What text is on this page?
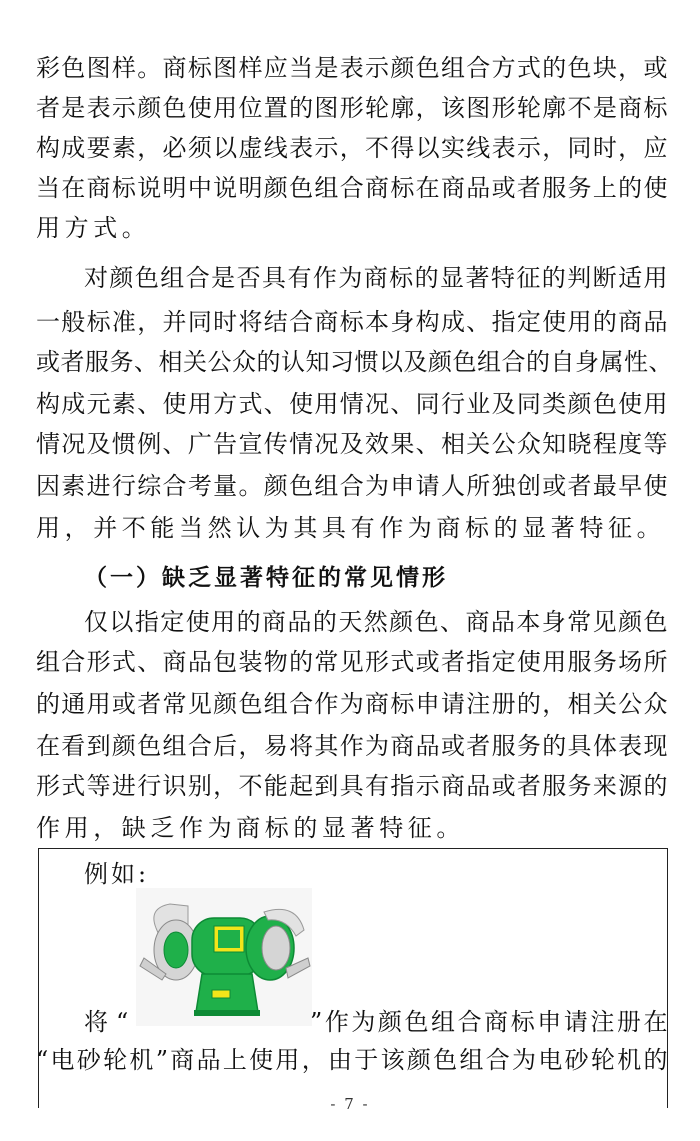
彩色图样。商标图样应当是表示颜色组合方式的色块，或
者是表示颜色使用位置的图形轮廓，该图形轮廓不是商标
构成要素，必须以虚线表示，不得以实线表示，同时，应
当在商标说明中说明颜色组合商标在商品或者服务上的使
用方式。
对颜色组合是否具有作为商标的显著特征的判断适用
一般标准，并同时将结合商标本身构成、指定使用的商品
或者服务、相关公众的认知习惯以及颜色组合的自身属性、
构成元素、使用方式、使用情况、同行业及同类颜色使用
情况及惯例、广告宣传情况及效果、相关公众知晓程度等
因素进行综合考量。颜色组合为申请人所独创或者最早使
用，并不能当然认为其具有作为商标的显著特征。
（一）缺乏显著特征的常见情形
仅以指定使用的商品的天然颜色、商品本身常见颜色
组合形式、商品包装物的常见形式或者指定使用服务场所
的通用或者常见颜色组合作为商标申请注册的，相关公众
在看到颜色组合后，易将其作为商品或者服务的具体表现
形式等进行识别，不能起到具有指示商品或者服务来源的
作用，缺乏作为商标的显著特征。
例如:
将“	”作为颜色组合商标申请注册在
“电砂轮机”商品上使用，由于该颜色组合为电砂轮机的
- 7 -
